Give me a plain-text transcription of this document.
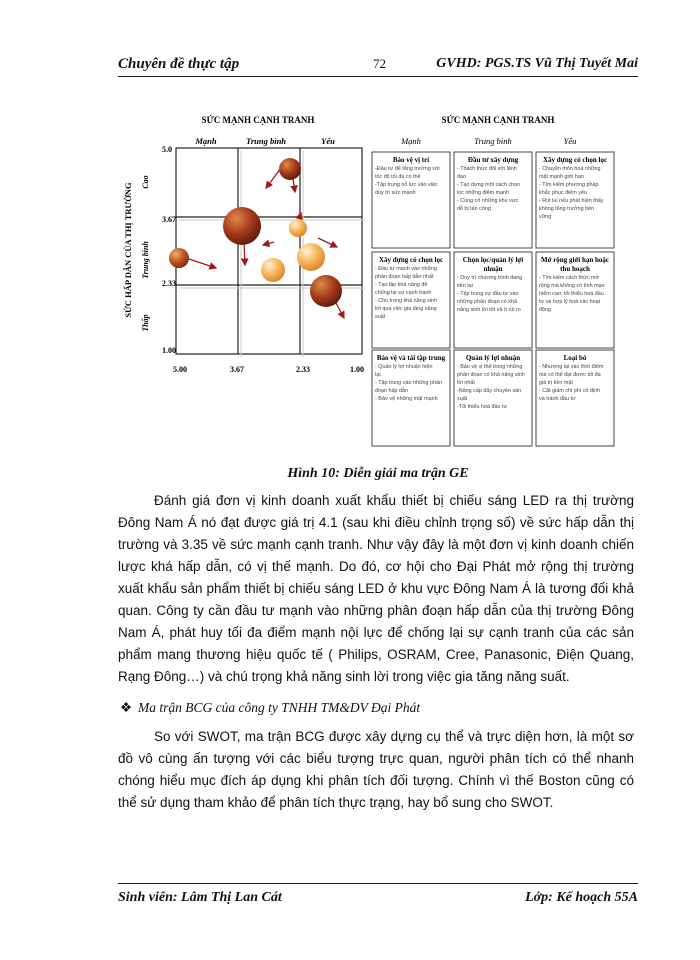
Chuyên đề thực tập	72	GVHD: PGS.TS Vũ Thị Tuyết Mai
SỨC MẠNH CẠNH TRANH
Mạnh	Trung bình	Yếu
SỨC HẤP DẪN CỦA THỊ TRƯỜNG
Cao
Trung bình
Thấp
5.0
3.67
2.33
1.00
5.00	3.67	2.33	1.00
SỨC MẠNH CẠNH TRANH
Mạnh	Trung bình	Yếu
Bảo vệ vị trí
-Đầu tư để tăng trưởng với
tốc độ tối đa có thể
-Tập trung nỗ lực vào việc
duy trì sức mạnh
Đầu tư xây dựng
- Thách thức đối với lãnh
đạo
- Tạo dựng một cách chọn
lọc những điểm mạnh
- Củng cố những khu vực
dễ bị tấn công
Xây dựng có chọn lọc
- Chuyên môn hoá những
mặt mạnh giới hạn
- Tìm kiếm phương pháp
khắc phục điểm yếu
- Rút lui nếu phát hiện thấy
không tăng trưởng bền
vững
Xây dựng có chọn lọc
- Đầu tư mạnh vào những
phân đoạn hấp dẫn nhất
- Tạo lập khả năng để
chống lại sự cạnh tranh
- Chú trọng khả năng sinh
lời qua việc gia tăng năng
suất
Chọn lọc/quản lý lợi
nhuận
- Duy trì chương trình đang
tiến tại
- Tập trung sự đầu tư vào
những phân đoạn có khả
năng sinh lời tốt và ít rủi ro
Mở rộng giới hạn hoặc
thu hoạch
- Tìm kiếm cách thức mở
rộng mà không có tính mạo
hiểm cao; tối thiểu hoá đầu
tư và hợp lý hoá các hoạt
động
Bảo vệ và tái tập trung
- Quản lý lợi nhuận hiện
tại
- Tập trung vào những phân
đoạn hấp dẫn
- Bảo vệ những mặt mạnh
Quản lý lợi nhuận
- Bảo vệ vị thế trong những
phân đoạn có khả năng sinh
lời nhất
-Nâng cấp dây chuyền sản
xuất
-Tối thiểu hoá đầu tư
Loại bỏ
- Nhượng lại vào thời điểm
mà có thể đạt được tối đa
giá trị tiền mặt
- Cắt giảm chi phí cố định
và tránh đầu tư
Hình 10: Diễn giải ma trận GE

Đánh giá đơn vị kinh doanh xuất khẩu thiết bị chiếu sáng LED ra thị trường Đông Nam Á nó đạt được giá trị 4.1 (sau khi điều chỉnh trọng số) về sức hấp dẫn thị trường và 3.35 về sức mạnh cạnh tranh. Như vậy đây là một đơn vị kinh doanh chiến lược khá hấp dẫn, có vị thế mạnh. Do đó, cơ hội cho Đại Phát mở rộng thị trường xuất khẩu sản phẩm thiết bị chiếu sáng LED ở khu vực Đông Nam Á là tương đối khả quan. Công ty cần đầu tư mạnh vào những phân đoạn hấp dẫn của thị trường Đông Nam Á, phát huy tối đa điểm mạnh nội lực để chống lại sự cạnh tranh của các sản phẩm mang thương hiệu quốc tế ( Philips, OSRAM, Cree, Panasonic, Điện Quang, Rạng Đông…) và chú trọng khả năng sinh lời trong việc gia tăng năng suất.

❖ Ma trận BCG của công ty TNHH TM&DV Đại Phát

So với SWOT, ma trận BCG được xây dựng cụ thể và trực diện hơn, là một sơ đồ vô cùng ấn tượng với các biểu tượng trực quan, người phân tích có thể nhanh chóng hiểu mục đích áp dụng khi phân tích đối tượng. Chính vì thế Boston cũng có thể sử dụng tham khảo để phân tích thực trạng, hay bổ sung cho SWOT.

Sinh viên: Lâm Thị Lan Cát	Lớp: Kế hoạch 55A
